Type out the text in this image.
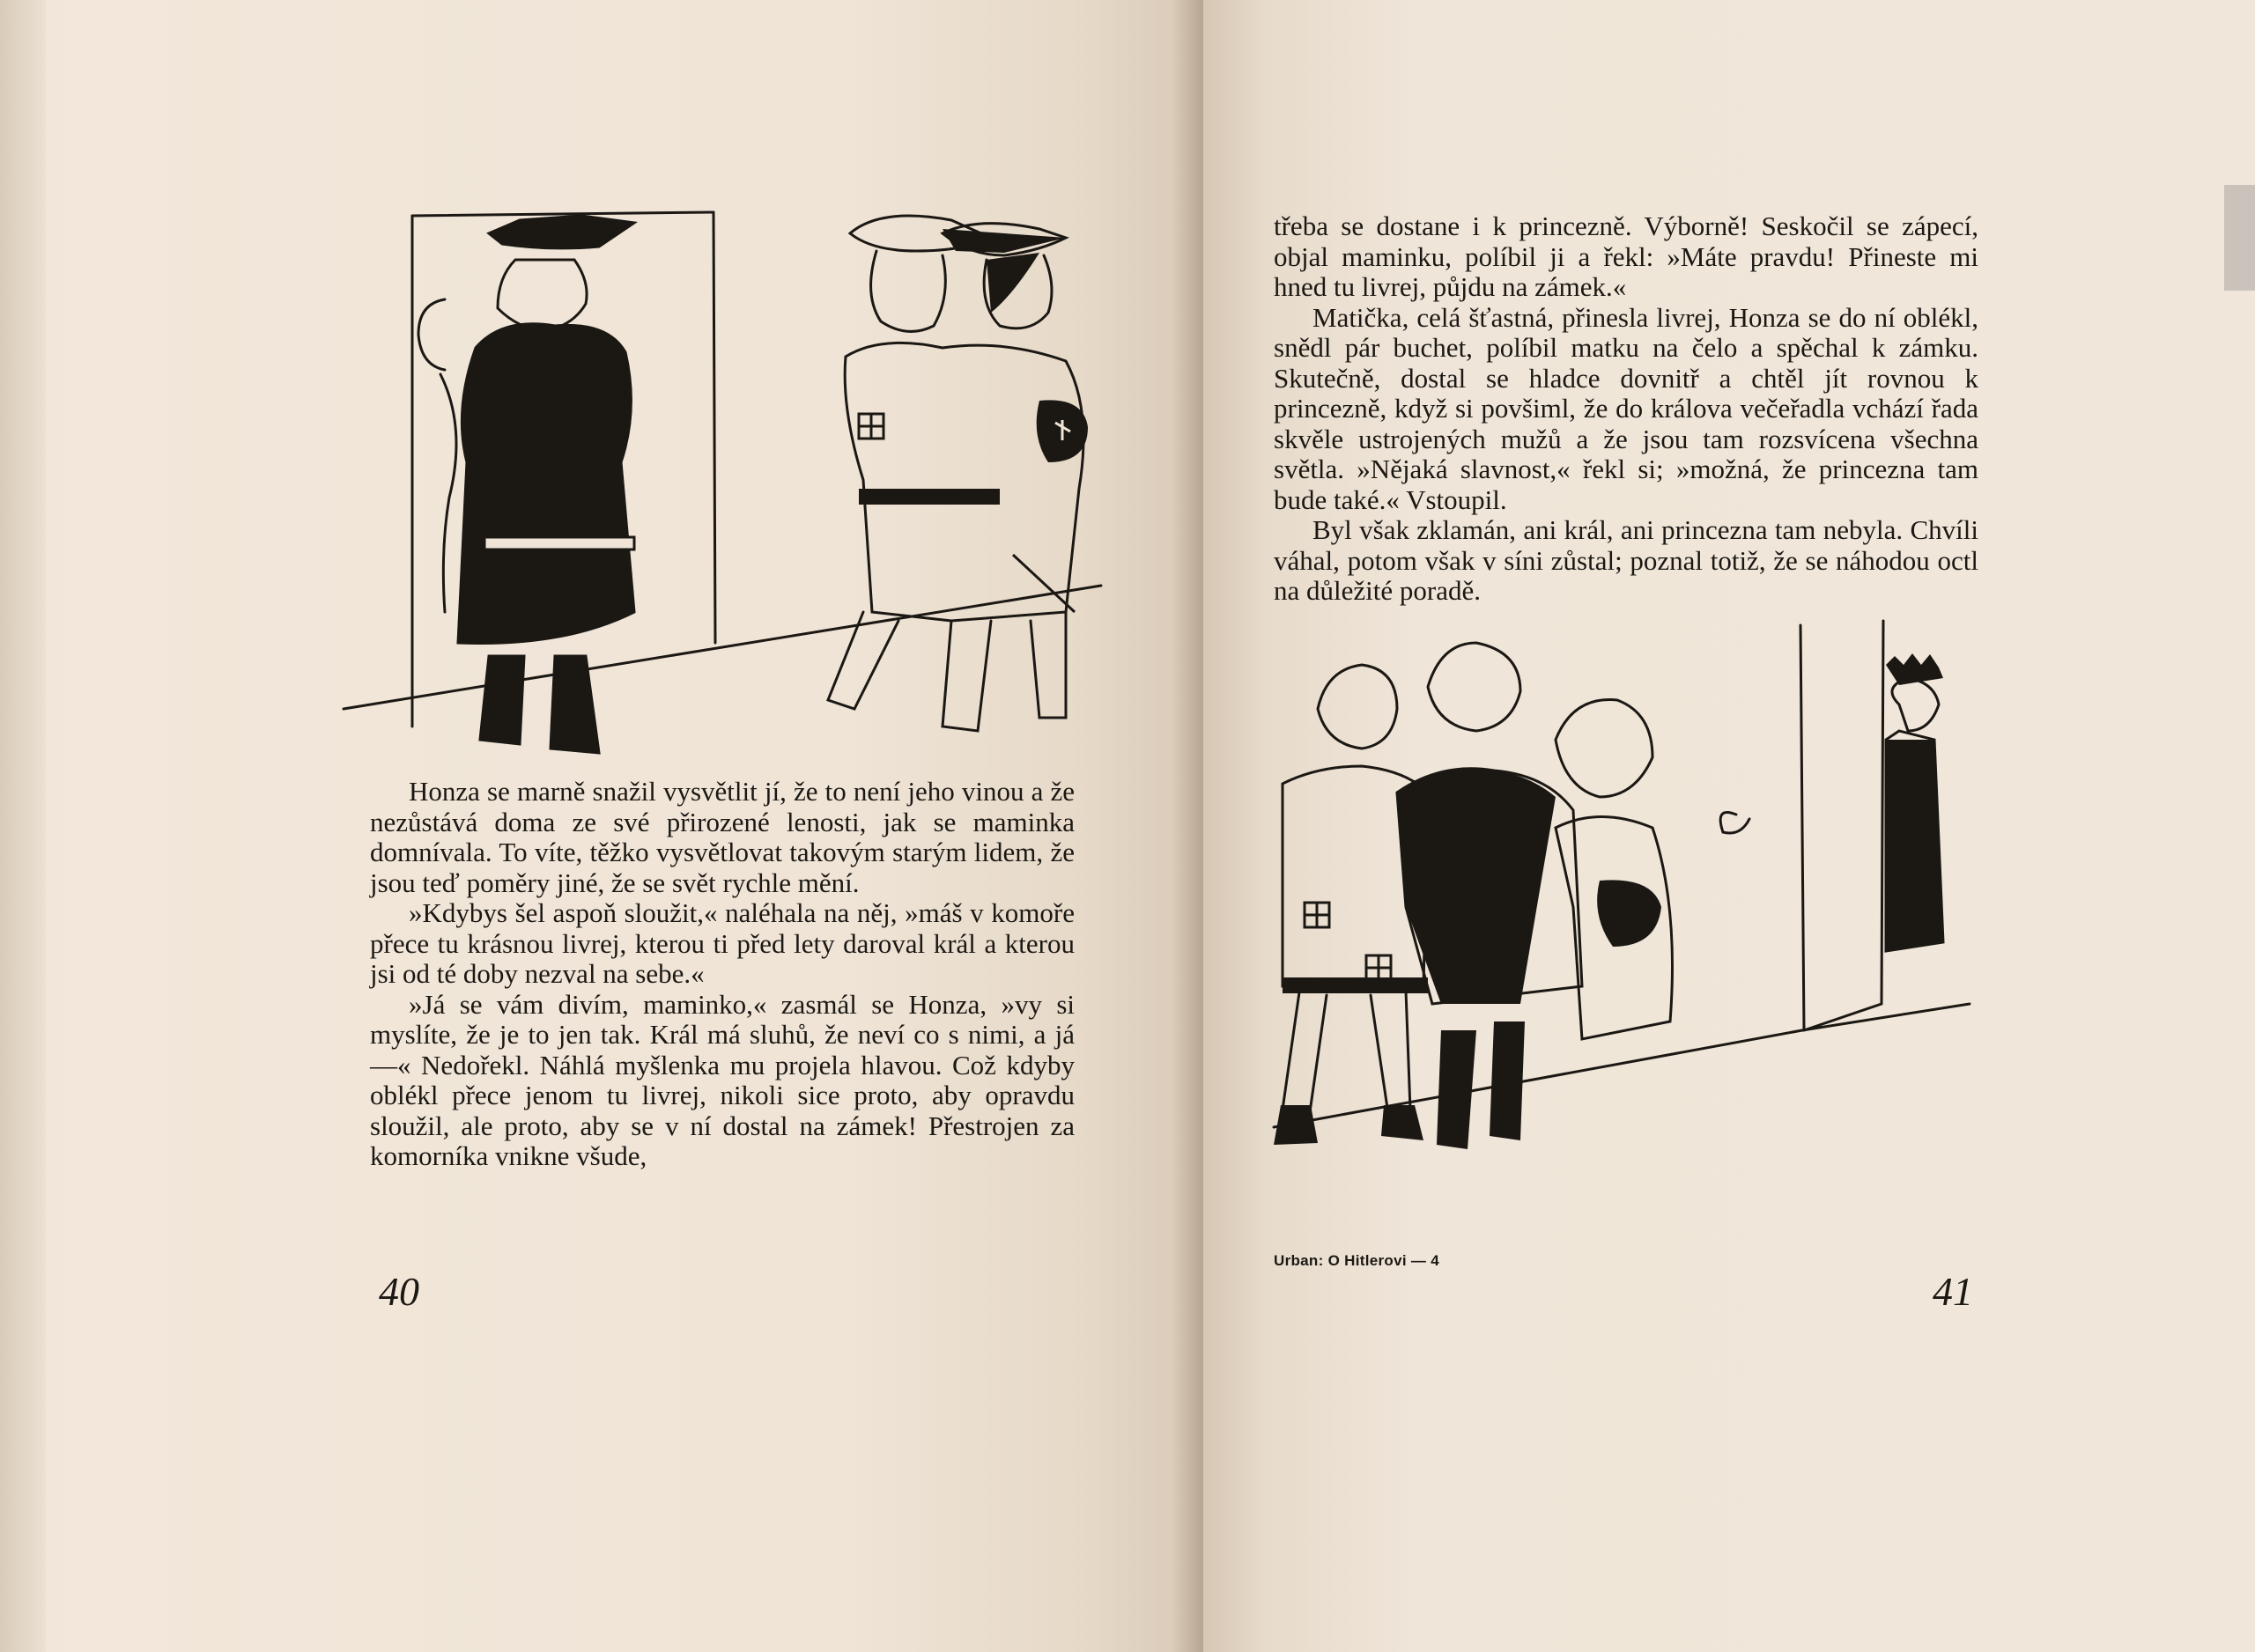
Honza se marně snažil vysvětlit jí, že to není jeho vinou a že nezůstává doma ze své přirozené lenosti, jak se maminka domnívala. To víte, těžko vysvětlovat takovým starým lidem, že jsou teď poměry jiné, že se svět rychle mění.

»Kdybys šel aspoň sloužit,« naléhala na něj, »máš v komoře přece tu krásnou livrej, kterou ti před lety daroval král a kterou jsi od té doby nezval na sebe.«

»Já se vám divím, maminko,« zasmál se Honza, »vy si myslíte, že je to jen tak. Král má sluhů, že neví co s nimi, a já —« Nedořekl. Náhlá myšlenka mu projela hlavou. Což kdyby oblékl přece jenom tu livrej, nikoli sice proto, aby opravdu sloužil, ale proto, aby se v ní dostal na zámek! Přestrojen za komorníka vnikne všude,

40

třeba se dostane i k princezně. Výborně! Seskočil se zápecí, objal maminku, políbil ji a řekl: »Máte pravdu! Přineste mi hned tu livrej, půjdu na zámek.«

Matička, celá šťastná, přinesla livrej, Honza se do ní oblékl, snědl pár buchet, políbil matku na čelo a spěchal k zámku. Skutečně, dostal se hladce dovnitř a chtěl jít rovnou k princezně, když si povšiml, že do králova večeřadla vchází řada skvěle ustrojených mužů a že jsou tam rozsvícena všechna světla. »Nějaká slavnost,« řekl si; »možná, že princezna tam bude také.« Vstoupil.

Byl však zklamán, ani král, ani princezna tam nebyla. Chvíli váhal, potom však v síni zůstal; poznal totiž, že se náhodou octl na důležité poradě.

Urban: O Hitlerovi — 4
41
